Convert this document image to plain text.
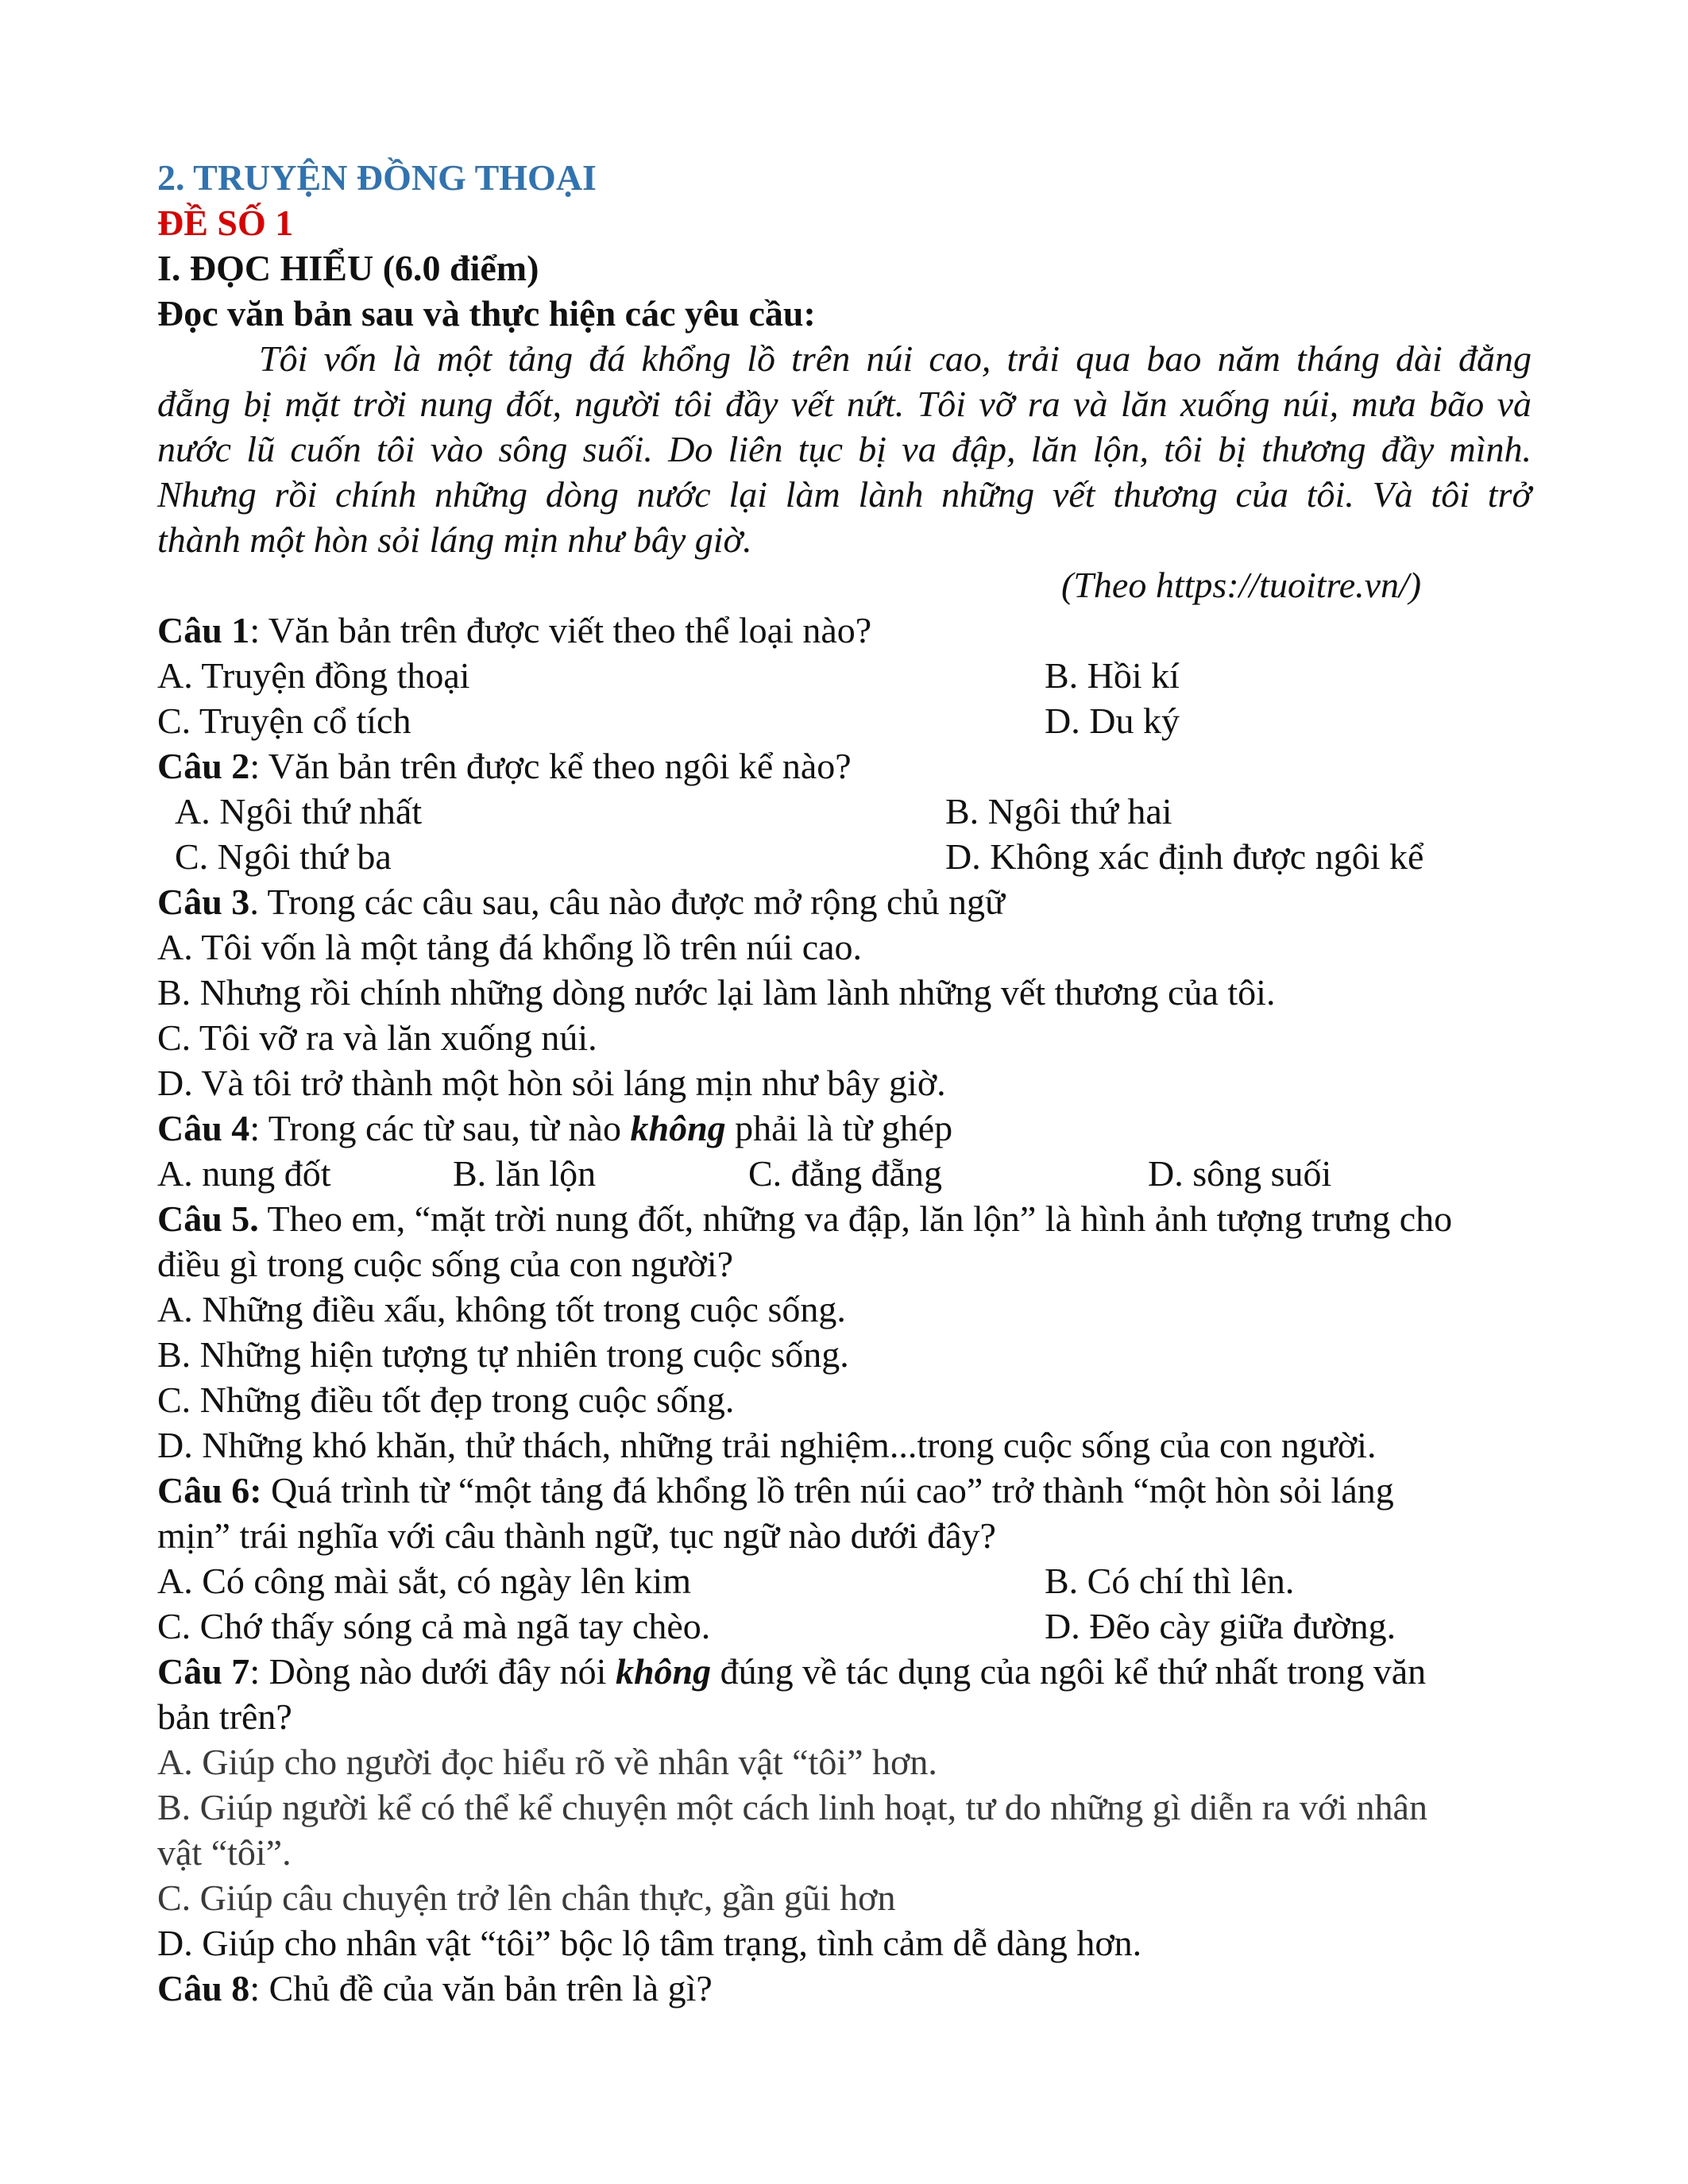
2. TRUYỆN ĐỒNG THOẠI
ĐỀ SỐ 1
I. ĐỌC HIỂU (6.0 điểm)
Đọc văn bản sau và thực hiện các yêu cầu:
Tôi vốn là một tảng đá khổng lồ trên núi cao, trải qua bao năm tháng dài đằng
đẵng bị mặt trời nung đốt, người tôi đầy vết nứt. Tôi vỡ ra và lăn xuống núi, mưa bão và
nước lũ cuốn tôi vào sông suối. Do liên tục bị va đập, lăn lộn, tôi bị thương đầy mình.
Nhưng rồi chính những dòng nước lại làm lành những vết thương của tôi. Và tôi trở
thành một hòn sỏi láng mịn như bây giờ.
(Theo https://tuoitre.vn/)
Câu 1: Văn bản trên được viết theo thể loại nào?
A. Truyện đồng thoại	B. Hồi kí
C. Truyện cổ tích	D. Du ký
Câu 2: Văn bản trên được kể theo ngôi kể nào?
A. Ngôi thứ nhất	B. Ngôi thứ hai
C. Ngôi thứ ba	D. Không xác định được ngôi kể
Câu 3. Trong các câu sau, câu nào được mở rộng chủ ngữ
A. Tôi vốn là một tảng đá khổng lồ trên núi cao.
B. Nhưng rồi chính những dòng nước lại làm lành những vết thương của tôi.
C. Tôi vỡ ra và lăn xuống núi.
D. Và tôi trở thành một hòn sỏi láng mịn như bây giờ.
Câu 4: Trong các từ sau, từ nào không phải là từ ghép
A. nung đốt	B. lăn lộn	C. đẳng đẵng	D. sông suối
Câu 5. Theo em, “mặt trời nung đốt, những va đập, lăn lộn” là hình ảnh tượng trưng cho
điều gì trong cuộc sống của con người?
A. Những điều xấu, không tốt trong cuộc sống.
B. Những hiện tượng tự nhiên trong cuộc sống.
C. Những điều tốt đẹp trong cuộc sống.
D. Những khó khăn, thử thách, những trải nghiệm...trong cuộc sống của con người.
Câu 6: Quá trình từ “một tảng đá khổng lồ trên núi cao” trở thành “một hòn sỏi láng
mịn” trái nghĩa với câu thành ngữ, tục ngữ nào dưới đây?
A. Có công mài sắt, có ngày lên kim	B. Có chí thì lên.
C. Chớ thấy sóng cả mà ngã tay chèo.	D. Đẽo cày giữa đường.
Câu 7: Dòng nào dưới đây nói không đúng về tác dụng của ngôi kể thứ nhất trong văn
bản trên?
A. Giúp cho người đọc hiểu rõ về nhân vật “tôi” hơn.
B. Giúp người kể có thể kể chuyện một cách linh hoạt, tư do những gì diễn ra với nhân
vật “tôi”.
C. Giúp câu chuyện trở lên chân thực, gần gũi hơn
D. Giúp cho nhân vật “tôi” bộc lộ tâm trạng, tình cảm dễ dàng hơn.
Câu 8: Chủ đề của văn bản trên là gì?
